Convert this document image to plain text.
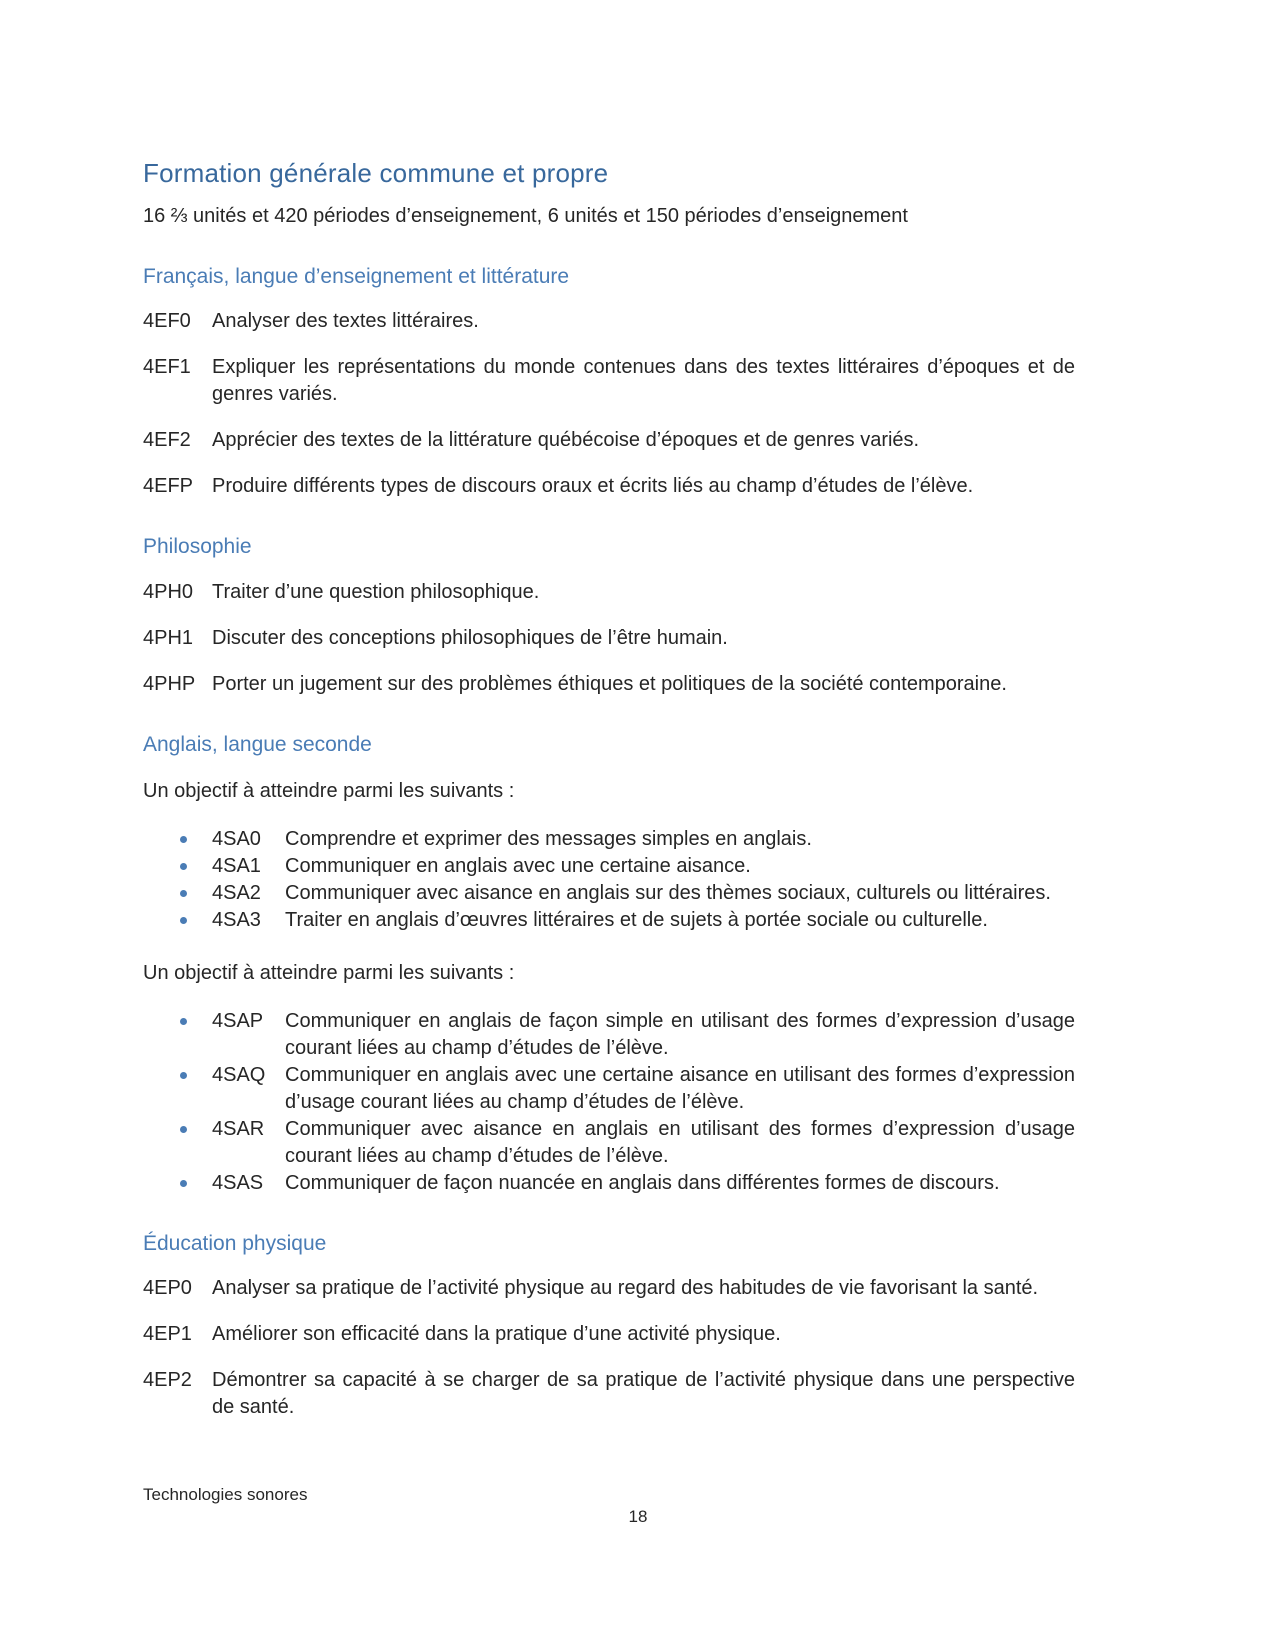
Formation générale commune et propre

16 ⅔ unités et 420 périodes d’enseignement, 6 unités et 150 périodes d’enseignement

Français, langue d’enseignement et littérature
4EF0	Analyser des textes littéraires.
4EF1	Expliquer les représentations du monde contenues dans des textes littéraires d’époques et de genres variés.
4EF2	Apprécier des textes de la littérature québécoise d’époques et de genres variés.
4EFP Produire différents types de discours oraux et écrits liés au champ d’études de l’élève.
Philosophie
4PH0 Traiter d’une question philosophique.
4PH1 Discuter des conceptions philosophiques de l’être humain.

4PHP Porter un jugement sur des problèmes éthiques et politiques de la société contemporaine.

Anglais, langue seconde

Un objectif à atteindre parmi les suivants :

4SA0	Comprendre et exprimer des messages simples en anglais.
4SA1	Communiquer en anglais avec une certaine aisance.
4SA2	Communiquer avec aisance en anglais sur des thèmes sociaux, culturels ou littéraires.
4SA3	Traiter en anglais d’œuvres littéraires et de sujets à portée sociale ou culturelle.

Un objectif à atteindre parmi les suivants :

4SAP	Communiquer en anglais de façon simple en utilisant des formes d’expression d’usage courant liées au champ d’études de l’élève.
4SAQ Communiquer en anglais avec une certaine aisance en utilisant des formes d’expression d’usage courant liées au champ d’études de l’élève.
4SAR	Communiquer avec aisance en anglais en utilisant des formes d’expression d’usage courant liées au champ d’études de l’élève.
4SAS	Communiquer de façon nuancée en anglais dans différentes formes de discours.
Éducation physique
4EP0	Analyser sa pratique de l’activité physique au regard des habitudes de vie favorisant la santé.
4EP1	Améliorer son efficacité dans la pratique d’une activité physique.
4EP2	Démontrer sa capacité à se charger de sa pratique de l’activité physique dans une perspective de santé.
Technologies sonores
18
